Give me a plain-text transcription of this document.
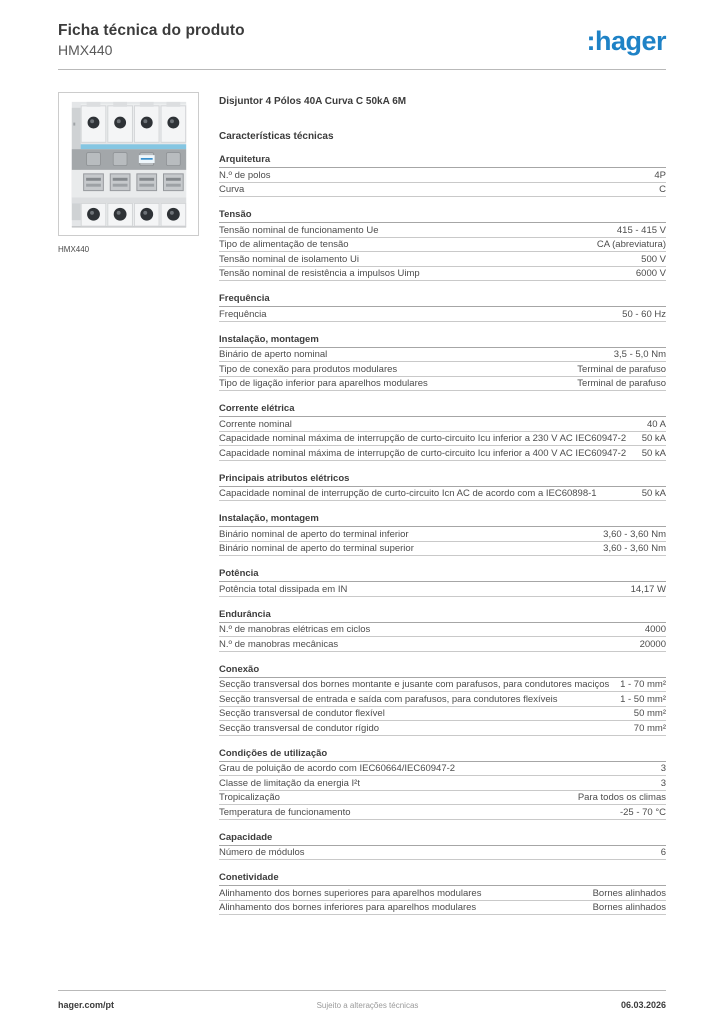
Ficha técnica do produto
HMX440	:hager
HMX440
Disjuntor 4 Pólos 40A Curva C 50kA 6M
Características técnicas
Arquitetura
N.º de polos	4P
Curva	C
Tensão
Tensão nominal de funcionamento Ue	415 - 415 V
Tipo de alimentação de tensão	CA (abreviatura)
Tensão nominal de isolamento Ui	500 V
Tensão nominal de resistência a impulsos Uimp	6000 V
Frequência
Frequência	50 - 60 Hz
Instalação, montagem
Binário de aperto nominal	3,5 - 5,0 Nm
Tipo de conexão para produtos modulares	Terminal de parafuso
Tipo de ligação inferior para aparelhos modulares	Terminal de parafuso
Corrente elétrica
Corrente nominal	40 A
Capacidade nominal máxima de interrupção de curto-circuito Icu inferior a 230 V AC IEC60947-2	50 kA
Capacidade nominal máxima de interrupção de curto-circuito Icu inferior a 400 V AC IEC60947-2	50 kA
Principais atributos elétricos
Capacidade nominal de interrupção de curto-circuito Icn AC de acordo com a IEC60898-1	50 kA
Instalação, montagem
Binário nominal de aperto do terminal inferior	3,60 - 3,60 Nm
Binário nominal de aperto do terminal superior	3,60 - 3,60 Nm
Potência
Potência total dissipada em IN	14,17 W
Endurância
N.º de manobras elétricas em ciclos	4000
N.º de manobras mecânicas	20000
Conexão
Secção transversal dos bornes montante e jusante com parafusos, para condutores maciços	1 - 70 mm²
Secção transversal de entrada e saída com parafusos, para condutores flexíveis	1 - 50 mm²
Secção transversal de condutor flexível	50 mm²
Secção transversal de condutor rígido	70 mm²
Condições de utilização
Grau de poluição de acordo com IEC60664/IEC60947-2	3
Classe de limitação da energia I²t	3
Tropicalização	Para todos os climas
Temperatura de funcionamento	-25 - 70 °C
Capacidade
Número de módulos	6
Conetividade
Alinhamento dos bornes superiores para aparelhos modulares	Bornes alinhados
Alinhamento dos bornes inferiores para aparelhos modulares	Bornes alinhados
hager.com/pt	Sujeito a alterações técnicas	06.03.2026
